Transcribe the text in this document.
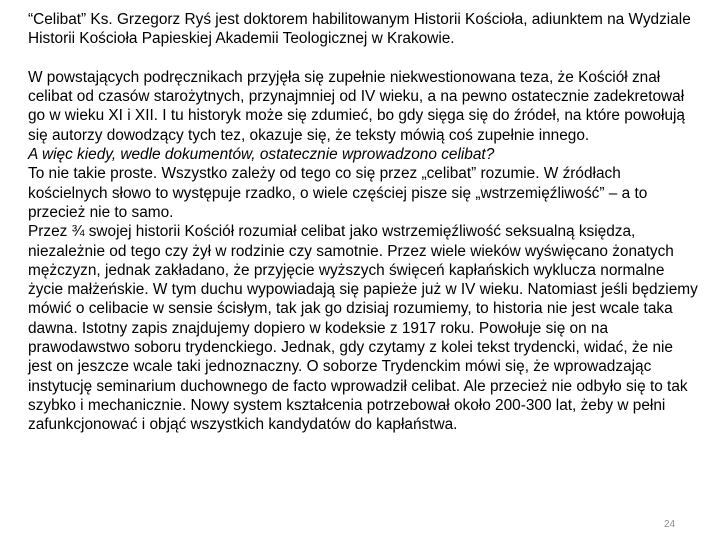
“Celibat” Ks. Grzegorz Ryś jest doktorem habilitowanym Historii Kościoła, adiunktem na Wydziale Historii Kościoła Papieskiej Akademii Teologicznej w Krakowie.

W powstających podręcznikach przyjęła się zupełnie niekwestionowana teza, że Kościół znał celibat od czasów starożytnych, przynajmniej od IV wieku, a na pewno ostatecznie zadekretował go w wieku XI i XII. I tu historyk może się zdumieć, bo gdy sięga się do źródeł, na które powołują się autorzy dowodzący tych tez, okazuje się, że teksty mówią coś zupełnie innego.

A więc kiedy, wedle dokumentów, ostatecznie wprowadzono celibat?

To nie takie proste. Wszystko zależy od tego co się przez „celibat” rozumie. W źródłach kościelnych słowo to występuje rzadko, o wiele częściej pisze się „wstrzemięźliwość” – a to przecież nie to samo.

Przez ¾ swojej historii Kościół rozumiał celibat jako wstrzemięźliwość seksualną księdza, niezależnie od tego czy żył w rodzinie czy samotnie. Przez wiele wieków wyświęcano żonatych mężczyzn, jednak zakładano, że przyjęcie wyższych święceń kapłańskich wyklucza normalne życie małżeńskie. W tym duchu wypowiadają się papieże już w IV wieku. Natomiast jeśli będziemy mówić o celibacie w sensie ścisłym, tak jak go dzisiaj rozumiemy, to historia nie jest wcale taka dawna. Istotny zapis znajdujemy dopiero w kodeksie z 1917 roku. Powołuje się on na prawodawstwo soboru trydenckiego. Jednak, gdy czytamy z kolei tekst trydencki, widać, że nie jest on jeszcze wcale taki jednoznaczny. O soborze Trydenckim mówi się, że wprowadzając instytucję seminarium duchownego de facto wprowadził celibat. Ale przecież nie odbyło się to tak szybko i mechanicznie. Nowy system kształcenia potrzebował około 200-300 lat, żeby w pełni zafunkcjonować i objąć wszystkich kandydatów do kapłaństwa.

24
